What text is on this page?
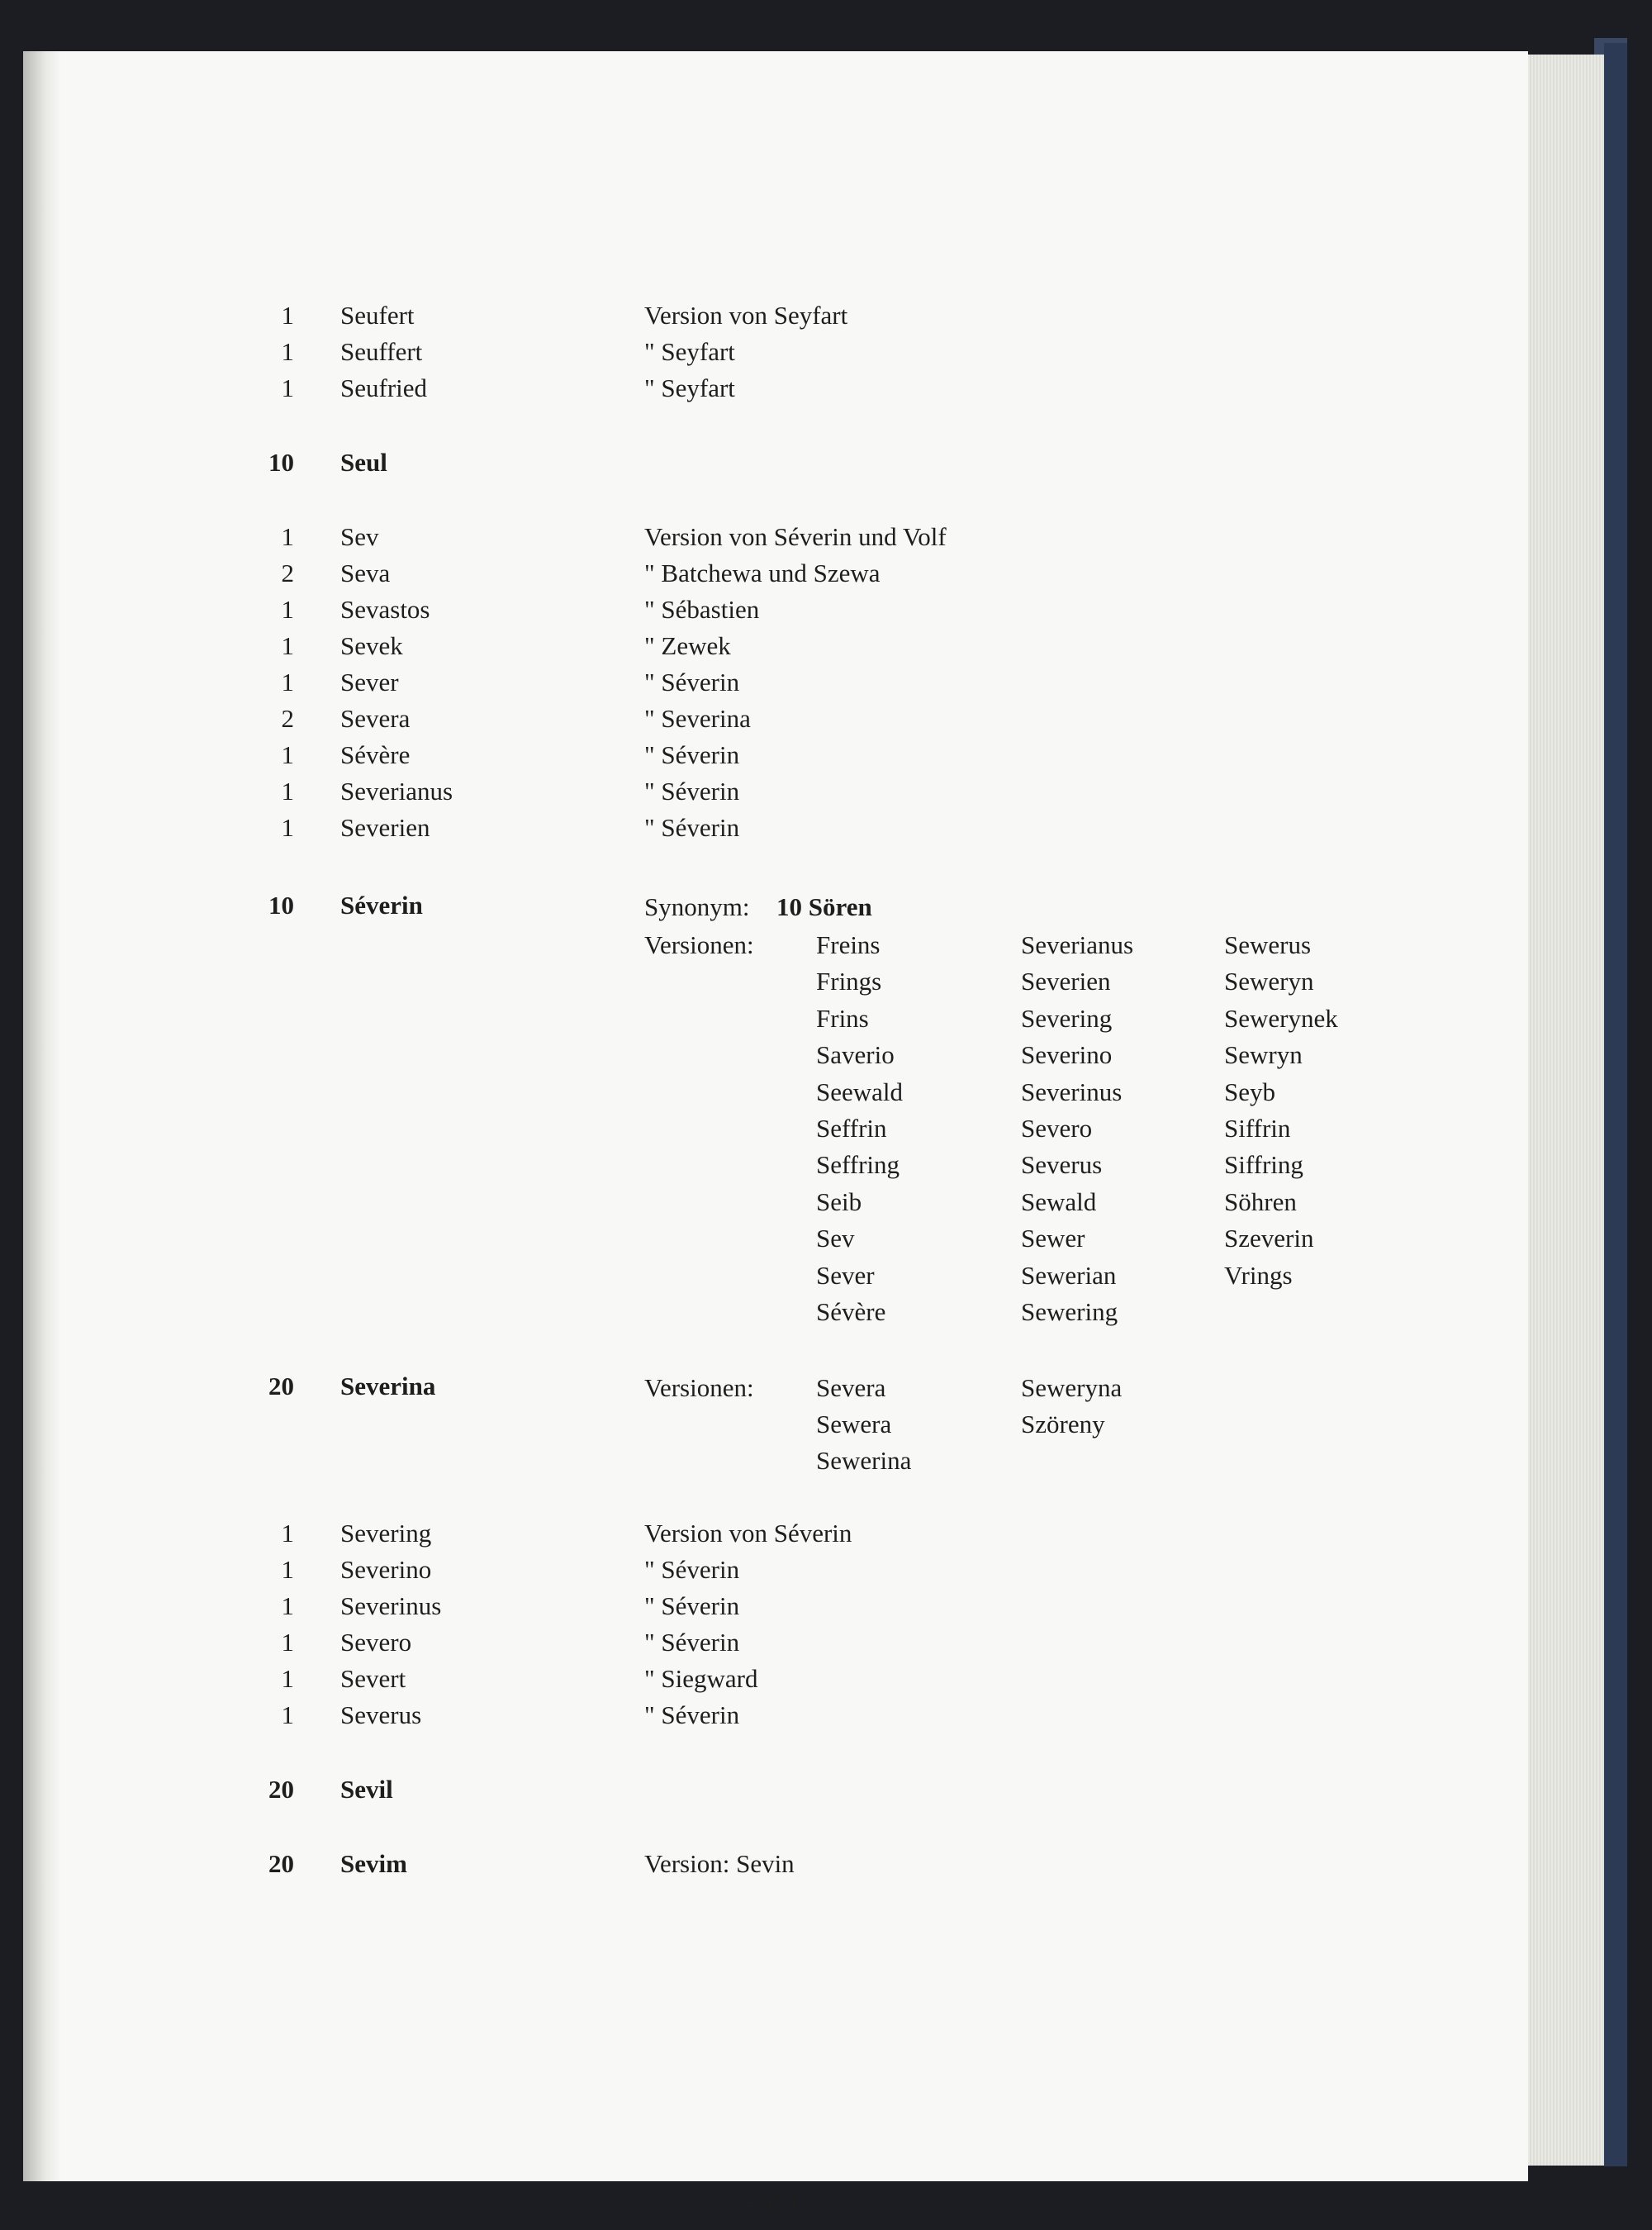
1 Seufert	Version von Seyfart
1 Seuffert	" Seyfart
1 Seufried	" Seyfart
10 Seul
1 Sev	Version von Séverin und Volf
2 Seva	" Batchewa und Szewa
1 Sevastos	" Sébastien
1 Sevek	" Zewek
1 Sever	" Séverin
2 Severa	" Severina
1 Sévère	" Séverin
1 Severianus	" Séverin
1 Severien	" Séverin
10 Séverin	Synonym: 10 Sören
Versionen: Freins	Severianus	Sewerus
Frings	Severien	Seweryn
Frins	Severing	Sewerynek
Saverio	Severino	Sewryn
Seewald	Severinus	Seyb
Seffrin	Severo	Siffrin
Seffring	Severus	Siffring
Seib	Sewald	Söhren
Sev	Sewer	Szeverin
Sever	Sewerian	Vrings
Sévère	Sewering
20 Severina	Versionen: Severa	Seweryna
Sewera	Szöreny
Sewerina
1 Severing	Version von Séverin
1 Severino	" Séverin
1 Severinus	" Séverin
1 Severo	" Séverin
1 Severt	" Siegward
1 Severus	" Séverin
20 Sevil
20 Sevim	Version: Sevin
- 959 -
